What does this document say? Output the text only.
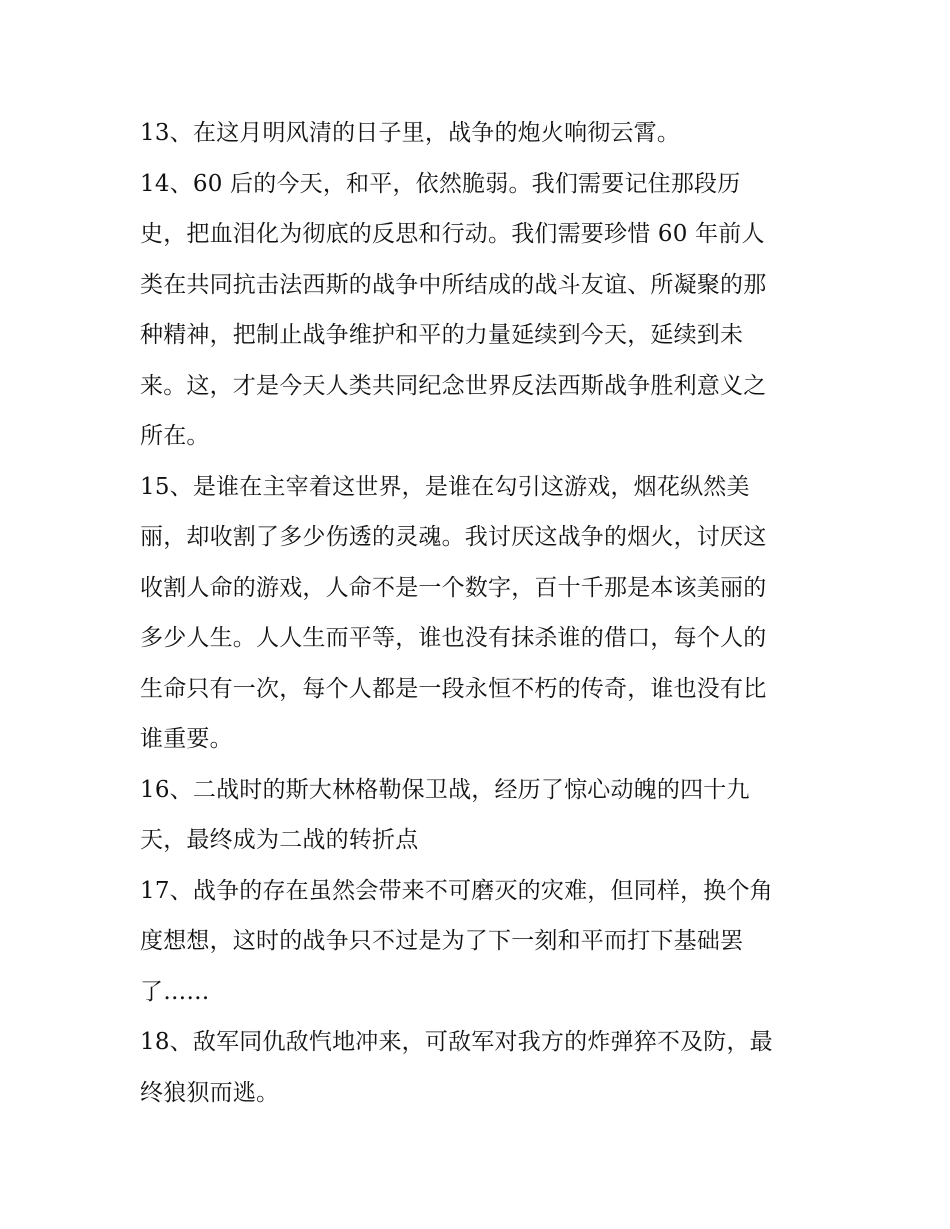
13、在这月明风清的日子里，战争的炮火响彻云霄。
14、60 后的今天，和平，依然脆弱。我们需要记住那段历
史，把血泪化为彻底的反思和行动。我们需要珍惜 60 年前人
类在共同抗击法西斯的战争中所结成的战斗友谊、所凝聚的那
种精神，把制止战争维护和平的力量延续到今天，延续到未
来。这，才是今天人类共同纪念世界反法西斯战争胜利意义之
所在。
15、是谁在主宰着这世界，是谁在勾引这游戏，烟花纵然美
丽，却收割了多少伤透的灵魂。我讨厌这战争的烟火，讨厌这
收割人命的游戏，人命不是一个数字，百十千那是本该美丽的
多少人生。人人生而平等，谁也没有抹杀谁的借口，每个人的
生命只有一次，每个人都是一段永恒不朽的传奇，谁也没有比
谁重要。
16、二战时的斯大林格勒保卫战，经历了惊心动魄的四十九
天，最终成为二战的转折点
17、战争的存在虽然会带来不可磨灭的灾难，但同样，换个角
度想想，这时的战争只不过是为了下一刻和平而打下基础罢
了……
18、敌军同仇敌忾地冲来，可敌军对我方的炸弹猝不及防，最
终狼狈而逃。
